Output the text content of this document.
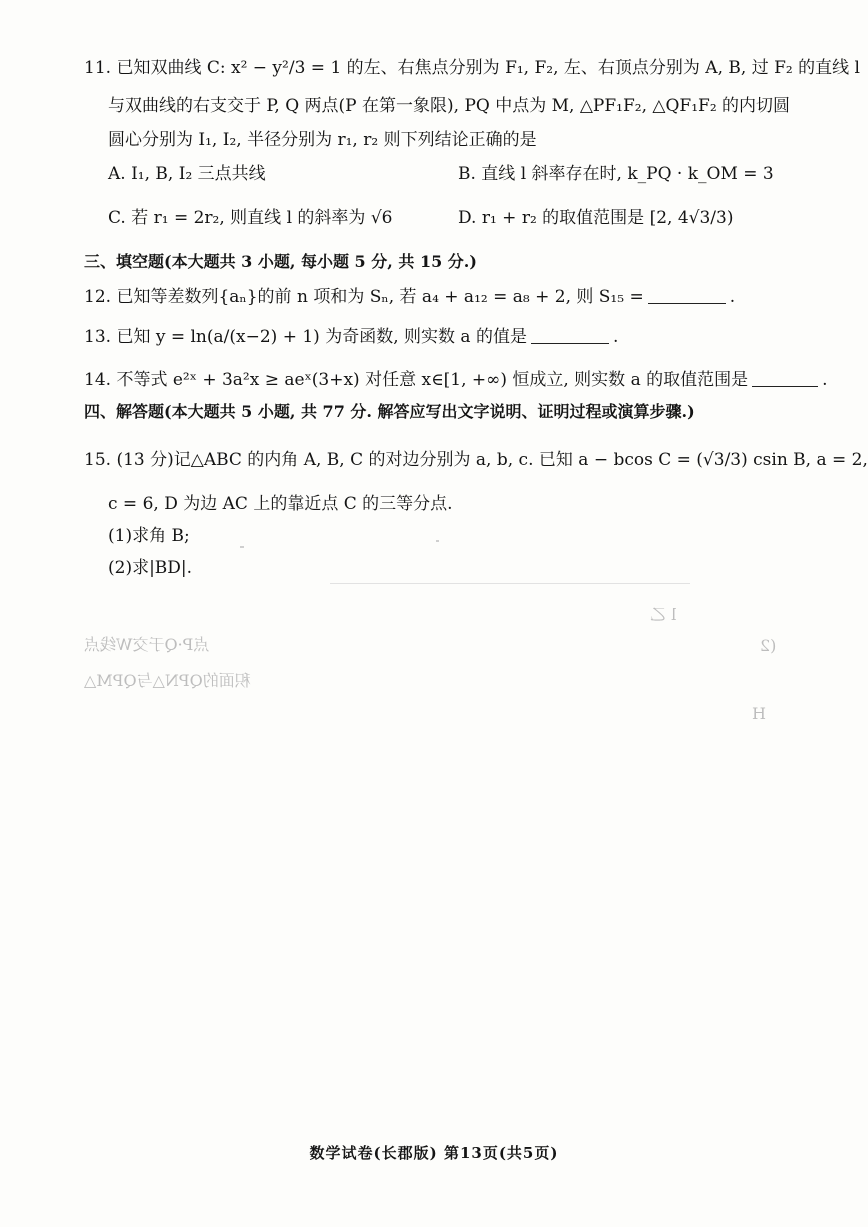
11. 已知双曲线 C: x² − y²/3 = 1 的左、右焦点分别为 F₁, F₂, 左、右顶点分别为 A, B, 过 F₂ 的直线 l
与双曲线的右支交于 P, Q 两点(P 在第一象限), PQ 中点为 M, △PF₁F₂, △QF₁F₂ 的内切圆
圆心分别为 I₁, I₂, 半径分别为 r₁, r₂ 则下列结论正确的是
A. I₁, B, I₂ 三点共线	B. 直线 l 斜率存在时, k_PQ · k_OM = 3
C. 若 r₁ = 2r₂, 则直线 l 的斜率为 √6	D. r₁ + r₂ 的取值范围是 [2, 4√3/3)
三、填空题(本大题共 3 小题, 每小题 5 分, 共 15 分.)
12. 已知等差数列{aₙ}的前 n 项和为 Sₙ, 若 a₄ + a₁₂ = a₈ + 2, 则 S₁₅ =	.
13. 已知 y = ln(a/(x−2) + 1) 为奇函数, 则实数 a 的值是	.
14. 不等式 e²ˣ + 3a²x ≥ aeˣ(3+x) 对任意 x∈[1, +∞) 恒成立, 则实数 a 的取值范围是	.
四、解答题(本大题共 5 小题, 共 77 分. 解答应写出文字说明、证明过程或演算步骤.)
15. (13 分)记△ABC 的内角 A, B, C 的对边分别为 a, b, c. 已知 a − bcos C = (√3/3) csin B, a = 2,
c = 6, D 为边 AC 上的靠近点 C 的三等分点.
(1)求角 B;
(2)求|BD|.
点P·Q于交W线点
积面的QPN△与QPM△
l 乙
(2
H
数学试卷(长郡版) 第13页(共5页)
